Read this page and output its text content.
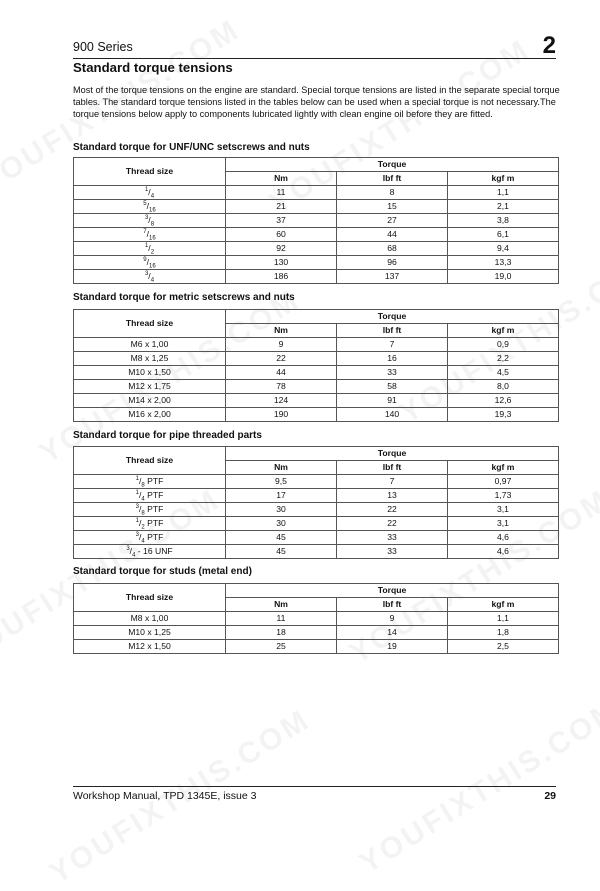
900 Series	2
Standard torque tensions

Most of the torque tensions on the engine are standard. Special torque tensions are listed in the separate special torque tables. The standard torque tensions listed in the tables below can be used when a special torque is not necessary.The torque tensions below apply to components lubricated lightly with clean engine oil before they are fitted.

Standard torque for UNF/UNC setscrews and nuts
Thread size	Torque		
	Nm	lbf ft	kgf m
$^1/_4$	11	8	1,1
$^5/_{16}$	21	15	2,1
$^3/_8$	37	27	3,8
$^7/_{16}$	60	44	6,1
$^1/_2$	92	68	9,4
$^9/_{16}$	130	96	13,3
$^3/_4$	186	137	19,0
Standard torque for metric setscrews and nuts
Thread size	Torque		
	Nm	lbf ft	kgf m
M6 x 1,00	9	7	0,9
M8 x 1,25	22	16	2,2
M10 x 1,50	44	33	4,5
M12 x 1,75	78	58	8,0
M14 x 2,00	124	91	12,6
M16 x 2,00	190	140	19,3
Standard torque for pipe threaded parts
Thread size	Torque		
	Nm	lbf ft	kgf m
$^1/_8$ PTF	9,5	7	0,97
$^1/_4$ PTF	17	13	1,73
$^3/_8$ PTF	30	22	3,1
$^1/_2$ PTF	30	22	3,1
$^3/_4$ PTF	45	33	4,6
$^3/_4 - 16$ UNF	45	33	4,6
Standard torque for studs (metal end)
Thread size	Torque		
	Nm	lbf ft	kgf m
M8 x 1,00	11	9	1,1
M10 x 1,25	18	14	1,8
M12 x 1,50	25	19	2,5
Workshop Manual, TPD 1345E, issue 3	29
